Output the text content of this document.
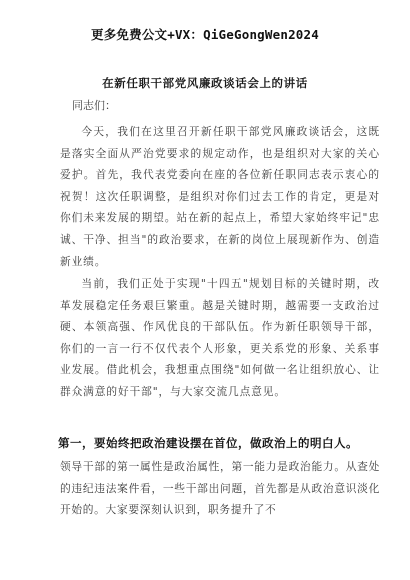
更多免费公文+VX：QiGeGongWen2024
在新任职干部党风廉政谈话会上的讲话
同志们：

今天，我们在这里召开新任职干部党风廉政谈话会，这既是落实全面从严治党要求的规定动作，也是组织对大家的关心爱护。首先，我代表党委向在座的各位新任职同志表示衷心的祝贺！这次任职调整，是组织对你们过去工作的肯定，更是对你们未来发展的期望。站在新的起点上，希望大家始终牢记"忠诚、干净、担当"的政治要求，在新的岗位上展现新作为、创造新业绩。

当前，我们正处于实现"十四五"规划目标的关键时期，改革发展稳定任务艰巨繁重。越是关键时期，越需要一支政治过硬、本领高强、作风优良的干部队伍。作为新任职领导干部，你们的一言一行不仅代表个人形象，更关系党的形象、关系事业发展。借此机会，我想重点围绕"如何做一名让组织放心、让群众满意的好干部"，与大家交流几点意见。

第一，要始终把政治建设摆在首位，做政治上的明白人。

领导干部的第一属性是政治属性，第一能力是政治能力。从查处的违纪违法案件看，一些干部出问题，首先都是从政治意识淡化开始的。大家要深刻认识到，职务提升了不
